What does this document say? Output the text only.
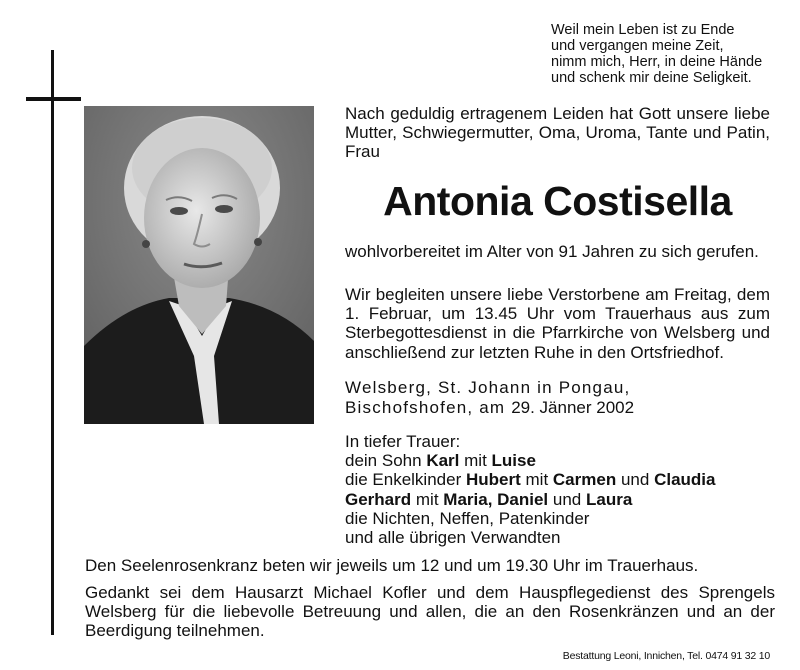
Weil mein Leben ist zu Ende
und vergangen meine Zeit,
nimm mich, Herr, in deine Hände
und schenk mir deine Seligkeit.
Nach geduldig ertragenem Leiden hat Gott unsere liebe Mutter, Schwiegermutter, Oma, Uroma, Tante und Patin, Frau
Antonia Costisella
wohlvorbereitet im Alter von 91 Jahren zu sich gerufen.
Wir begleiten unsere liebe Verstorbene am Freitag, dem 1. Februar, um 13.45 Uhr vom Trauerhaus aus zum Sterbegottesdienst in die Pfarrkirche von Welsberg und anschließend zur letzten Ruhe in den Ortsfriedhof.
Welsberg, St. Johann in Pongau,
Bischofshofen, am 29. Jänner 2002
In tiefer Trauer:
dein Sohn Karl mit Luise
die Enkelkinder Hubert mit Carmen und Claudia
Gerhard mit Maria, Daniel und Laura
die Nichten, Neffen, Patenkinder
und alle übrigen Verwandten
Den Seelenrosenkranz beten wir jeweils um 12 und um 19.30 Uhr im Trauerhaus.
Gedankt sei dem Hausarzt Michael Kofler und dem Hauspflegedienst des Sprengels Welsberg für die liebevolle Betreuung und allen, die an den Rosenkränzen und an der Beerdigung teilnehmen.
Bestattung Leoni, Innichen, Tel. 0474 91 32 10
